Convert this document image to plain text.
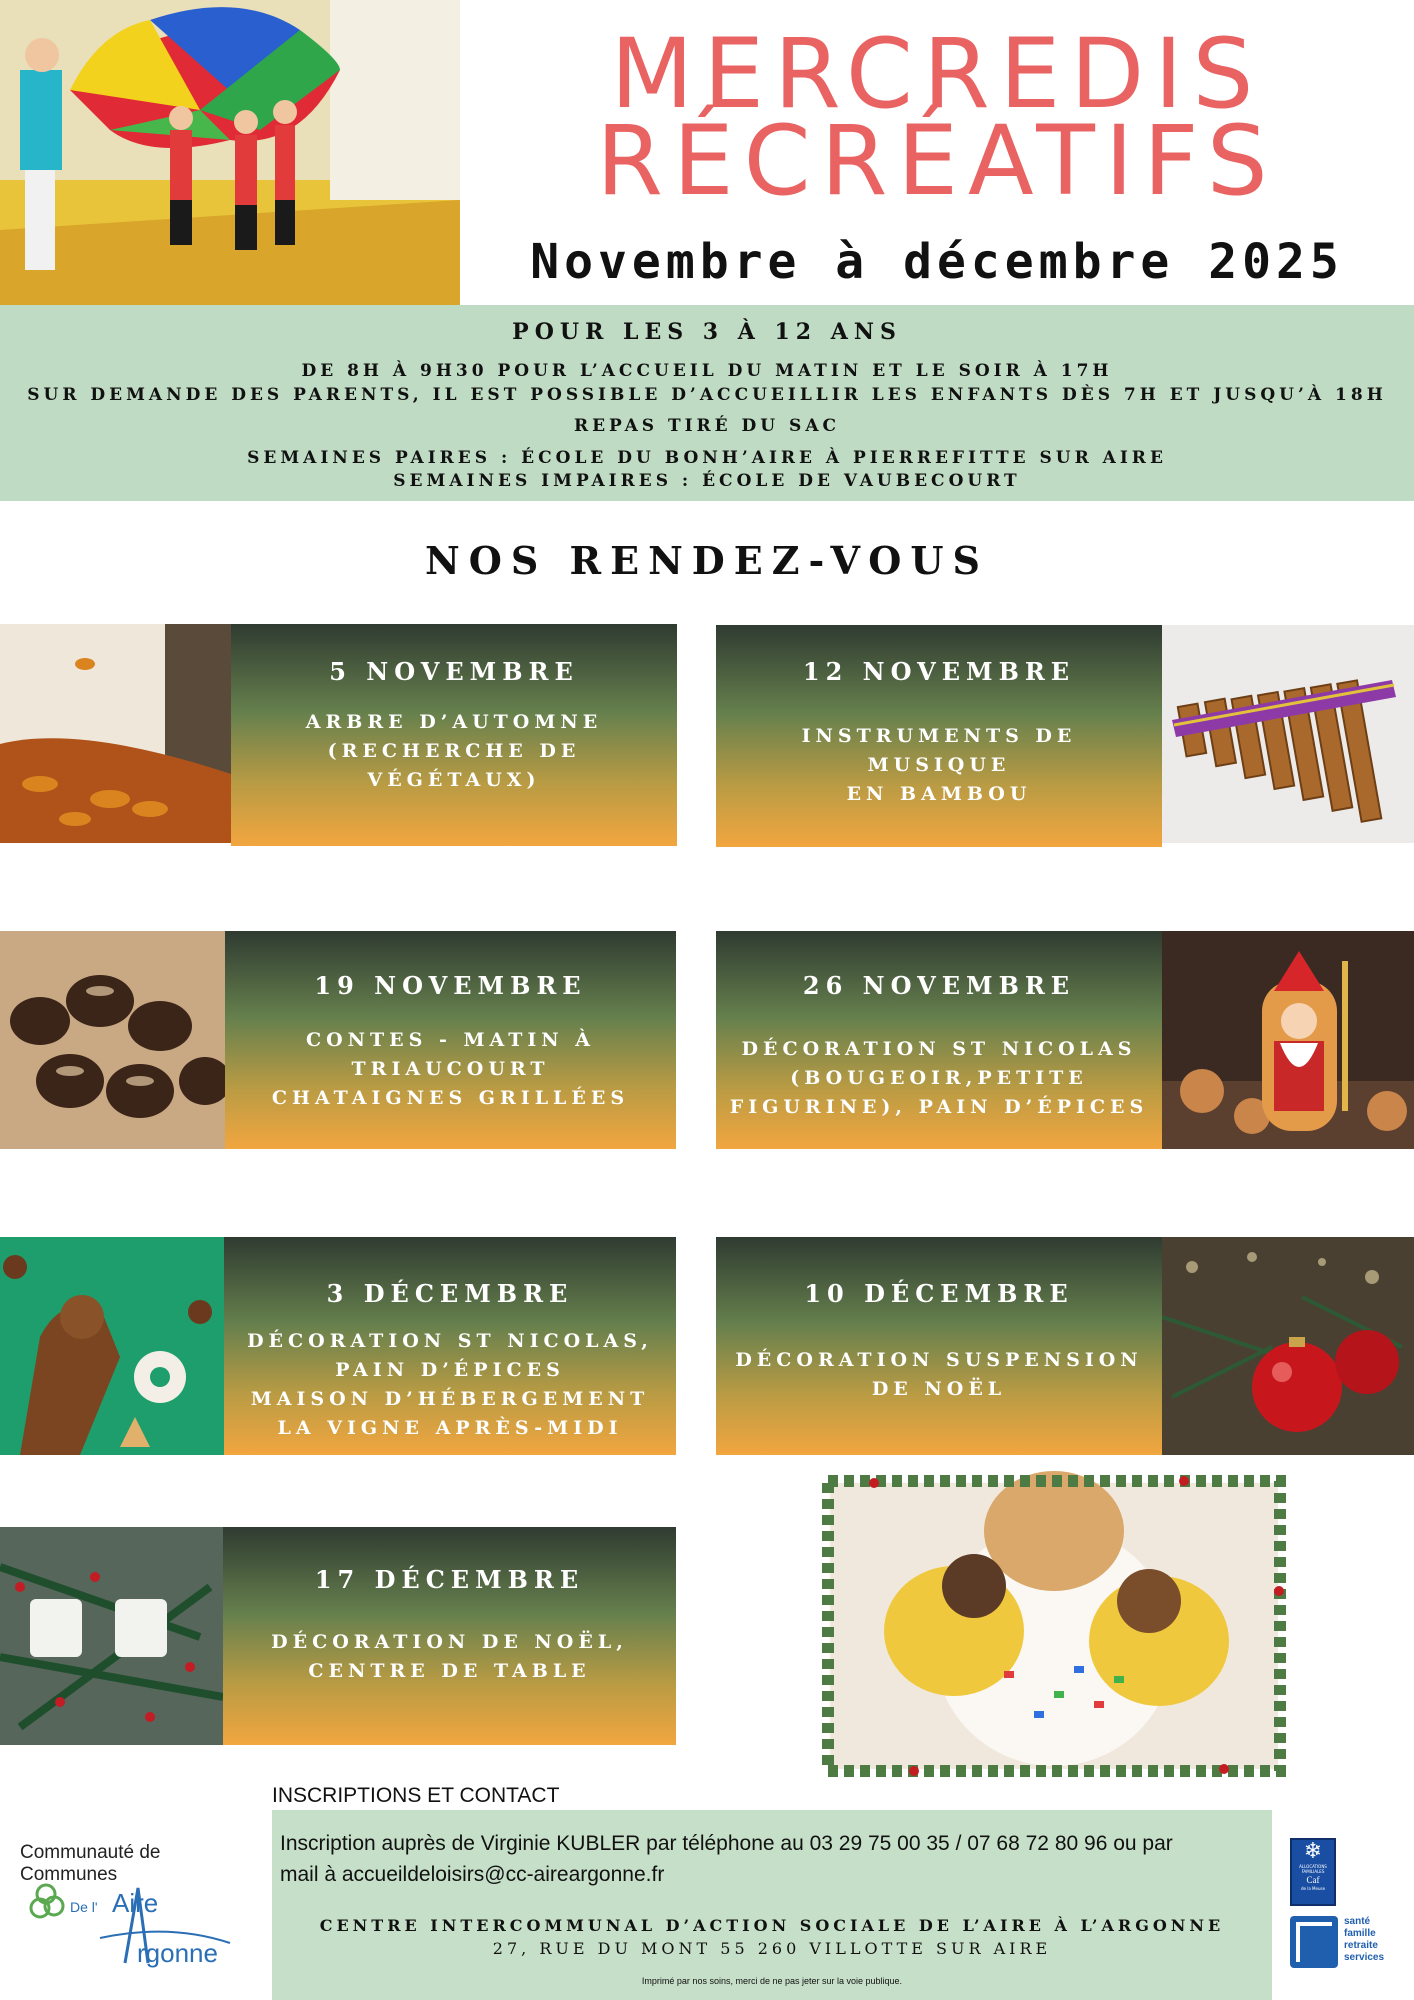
MERCREDIS
RÉCRÉATIFS
Novembre à décembre 2025
POUR LES 3 À 12 ANS
DE 8H À 9H30 POUR L’ACCUEIL DU MATIN ET LE SOIR À 17H
SUR DEMANDE DES PARENTS, IL EST POSSIBLE D’ACCUEILLIR LES ENFANTS DÈS 7H ET JUSQU’À 18H
REPAS TIRÉ DU SAC
SEMAINES PAIRES : ÉCOLE DU BONH’AIRE À PIERREFITTE SUR AIRE
SEMAINES IMPAIRES : ÉCOLE DE VAUBECOURT
NOS RENDEZ-VOUS
5 NOVEMBRE
ARBRE D’AUTOMNE
(RECHERCHE DE
VÉGÉTAUX)
12 NOVEMBRE
INSTRUMENTS DE MUSIQUE
EN BAMBOU
19 NOVEMBRE
CONTES - MATIN À
TRIAUCOURT
CHATAIGNES GRILLÉES
26 NOVEMBRE
DÉCORATION ST NICOLAS
(BOUGEOIR,PETITE
FIGURINE), PAIN D’ÉPICES
3 DÉCEMBRE
DÉCORATION ST NICOLAS,
PAIN D’ÉPICES
MAISON D’HÉBERGEMENT
LA VIGNE APRÈS-MIDI
10 DÉCEMBRE
DÉCORATION SUSPENSION
DE NOËL
17 DÉCEMBRE
DÉCORATION DE NOËL,
CENTRE DE TABLE
INSCRIPTIONS ET CONTACT
Inscription auprès de Virginie KUBLER par téléphone au 03 29 75 00 35 / 07 68 72 80 96 ou par
mail à accueildeloisirs@cc-aireargonne.fr
CENTRE INTERCOMMUNAL D’ACTION SOCIALE DE L’AIRE À L’ARGONNE
27, RUE DU MONT 55 260 VILLOTTE SUR AIRE
Imprimé par nos soins, merci de ne pas jeter sur la voie publique.
Communauté de Communes
De l' Aire
rgonne
❄
ALLOCATIONS FAMILIALES
Caf
de la Meuse
santé
famille
retraite
services
